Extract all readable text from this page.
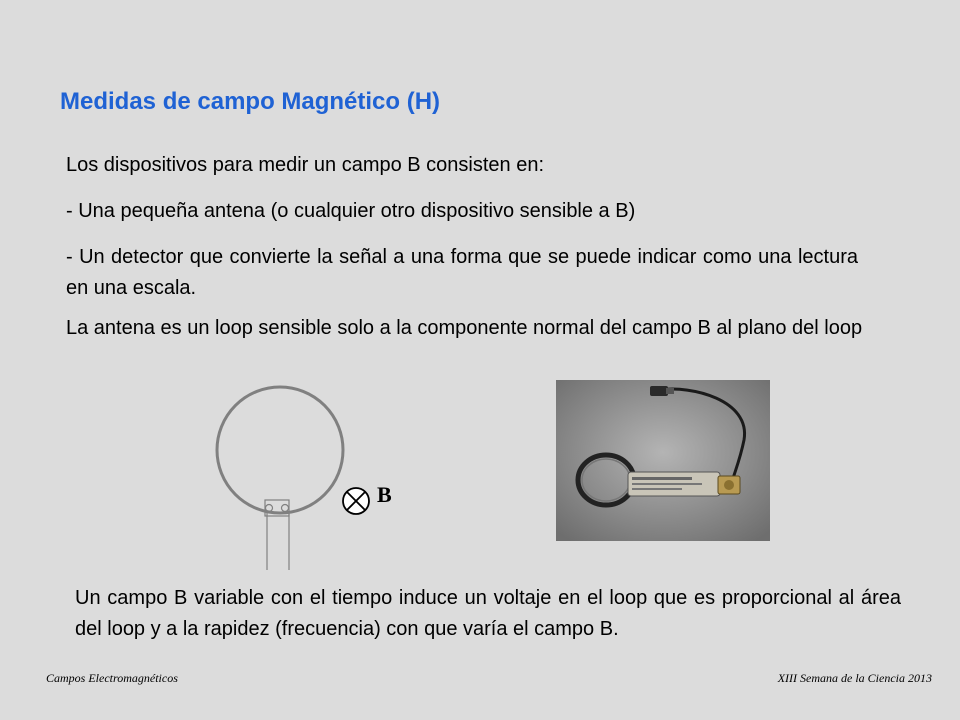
Medidas de campo Magnético (H)
Los dispositivos para medir un campo B consisten en:
- Una pequeña antena (o cualquier otro dispositivo sensible a B)
- Un detector que convierte la señal a una forma que se puede indicar como una lectura en una escala.
La antena es un loop sensible solo a la componente normal del campo B al plano del loop
B
Un campo B variable con el tiempo induce un voltaje en el loop que es proporcional al área del loop y a la rapidez (frecuencia) con que varía el campo B.
Campos Electromagnéticos	XIII Semana de la Ciencia 2013
